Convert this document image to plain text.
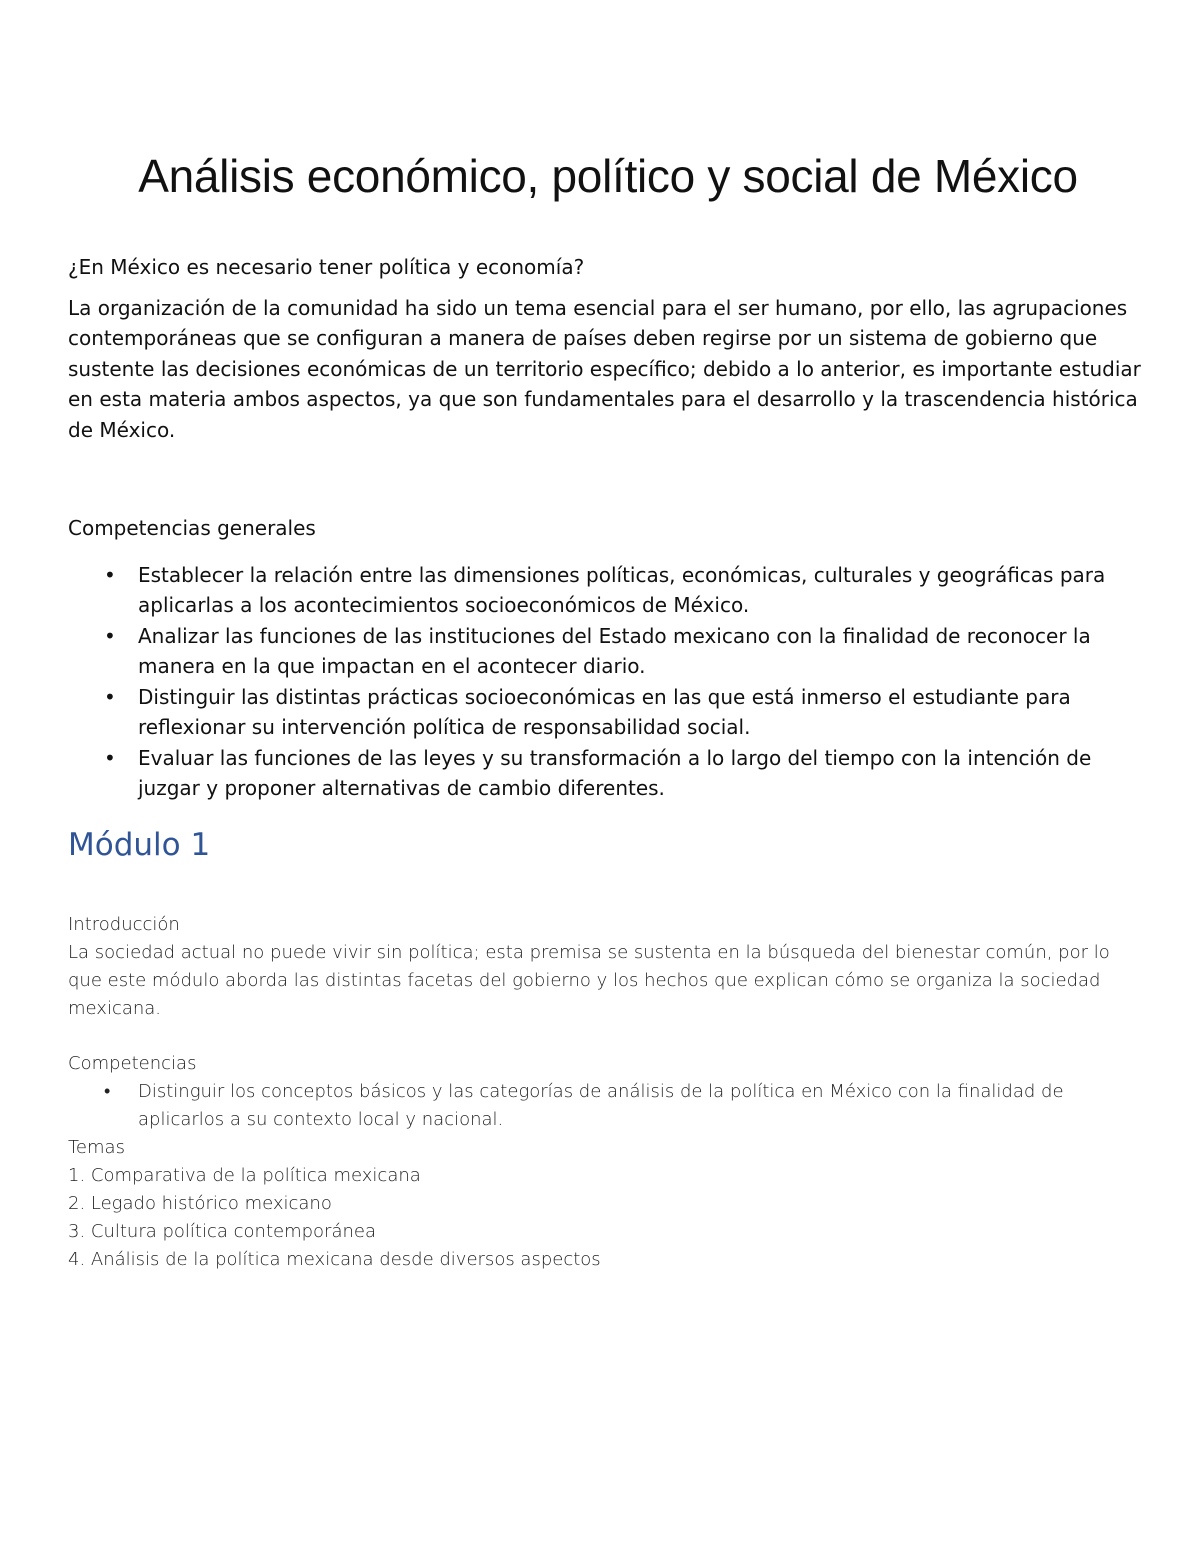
Análisis económico, político y social de México

¿En México es necesario tener política y economía?

La organización de la comunidad ha sido un tema esencial para el ser humano, por ello, las agrupaciones contemporáneas que se configuran a manera de países deben regirse por un sistema de gobierno que sustente las decisiones económicas de un territorio específico; debido a lo anterior, es importante estudiar en esta materia ambos aspectos, ya que son fundamentales para el desarrollo y la trascendencia histórica de México.

Competencias generales
• Establecer la relación entre las dimensiones políticas, económicas, culturales y geográficas para aplicarlas a los acontecimientos socioeconómicos de México.
• Analizar las funciones de las instituciones del Estado mexicano con la finalidad de reconocer la manera en la que impactan en el acontecer diario.
• Distinguir las distintas prácticas socioeconómicas en las que está inmerso el estudiante para reflexionar su intervención política de responsabilidad social.
• Evaluar las funciones de las leyes y su transformación a lo largo del tiempo con la intención de juzgar y proponer alternativas de cambio diferentes.
Módulo 1

Introducción

La sociedad actual no puede vivir sin política; esta premisa se sustenta en la búsqueda del bienestar común, por lo que este módulo aborda las distintas facetas del gobierno y los hechos que explican cómo se organiza la sociedad mexicana.

Competencias

• Distinguir los conceptos básicos y las categorías de análisis de la política en México con la finalidad de aplicarlos a su contexto local y nacional.

Temas

1. Comparativa de la política mexicana
2. Legado histórico mexicano
3. Cultura política contemporánea
4. Análisis de la política mexicana desde diversos aspectos
